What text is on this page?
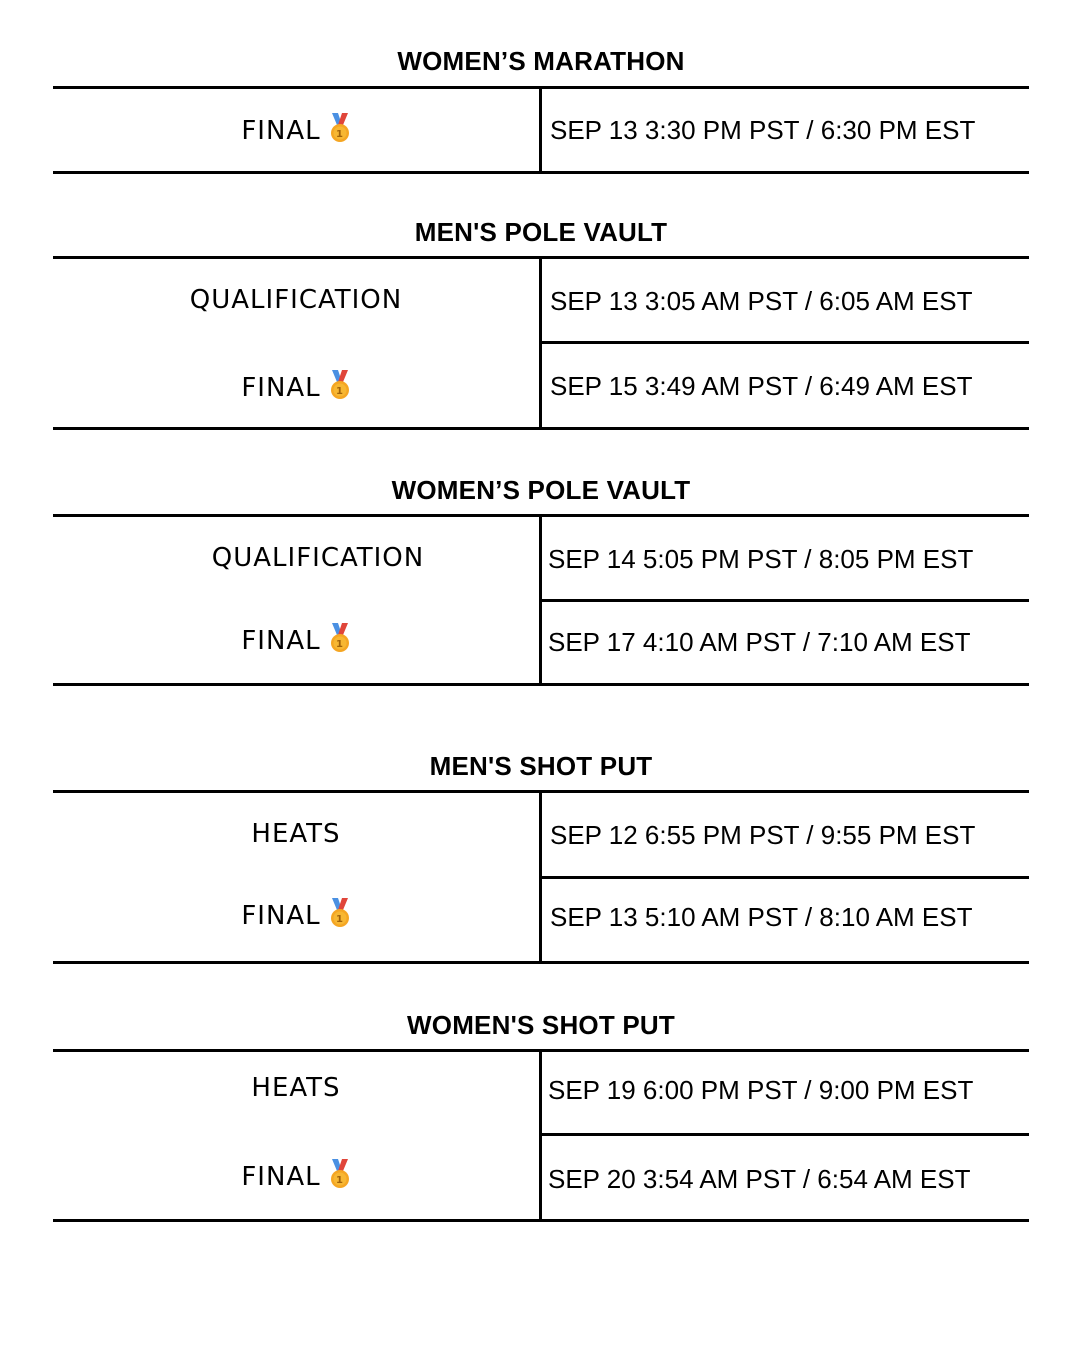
WOMEN’S MARATHON
FINAL 1	SEP 13 3:30 PM PST / 6:30 PM EST
MEN'S POLE VAULT
QUALIFICATION	SEP 13 3:05 AM PST / 6:05 AM EST
FINAL 1	SEP 15 3:49 AM PST / 6:49 AM EST
WOMEN’S POLE VAULT
QUALIFICATION	SEP 14 5:05 PM PST / 8:05 PM EST
FINAL 1	SEP 17 4:10 AM PST / 7:10 AM EST
MEN'S SHOT PUT
HEATS	SEP 12 6:55 PM PST / 9:55 PM EST
FINAL 1	SEP 13 5:10 AM PST / 8:10 AM EST
WOMEN'S SHOT PUT
HEATS	SEP 19 6:00 PM PST / 9:00 PM EST
FINAL 1	SEP 20 3:54 AM PST / 6:54 AM EST
